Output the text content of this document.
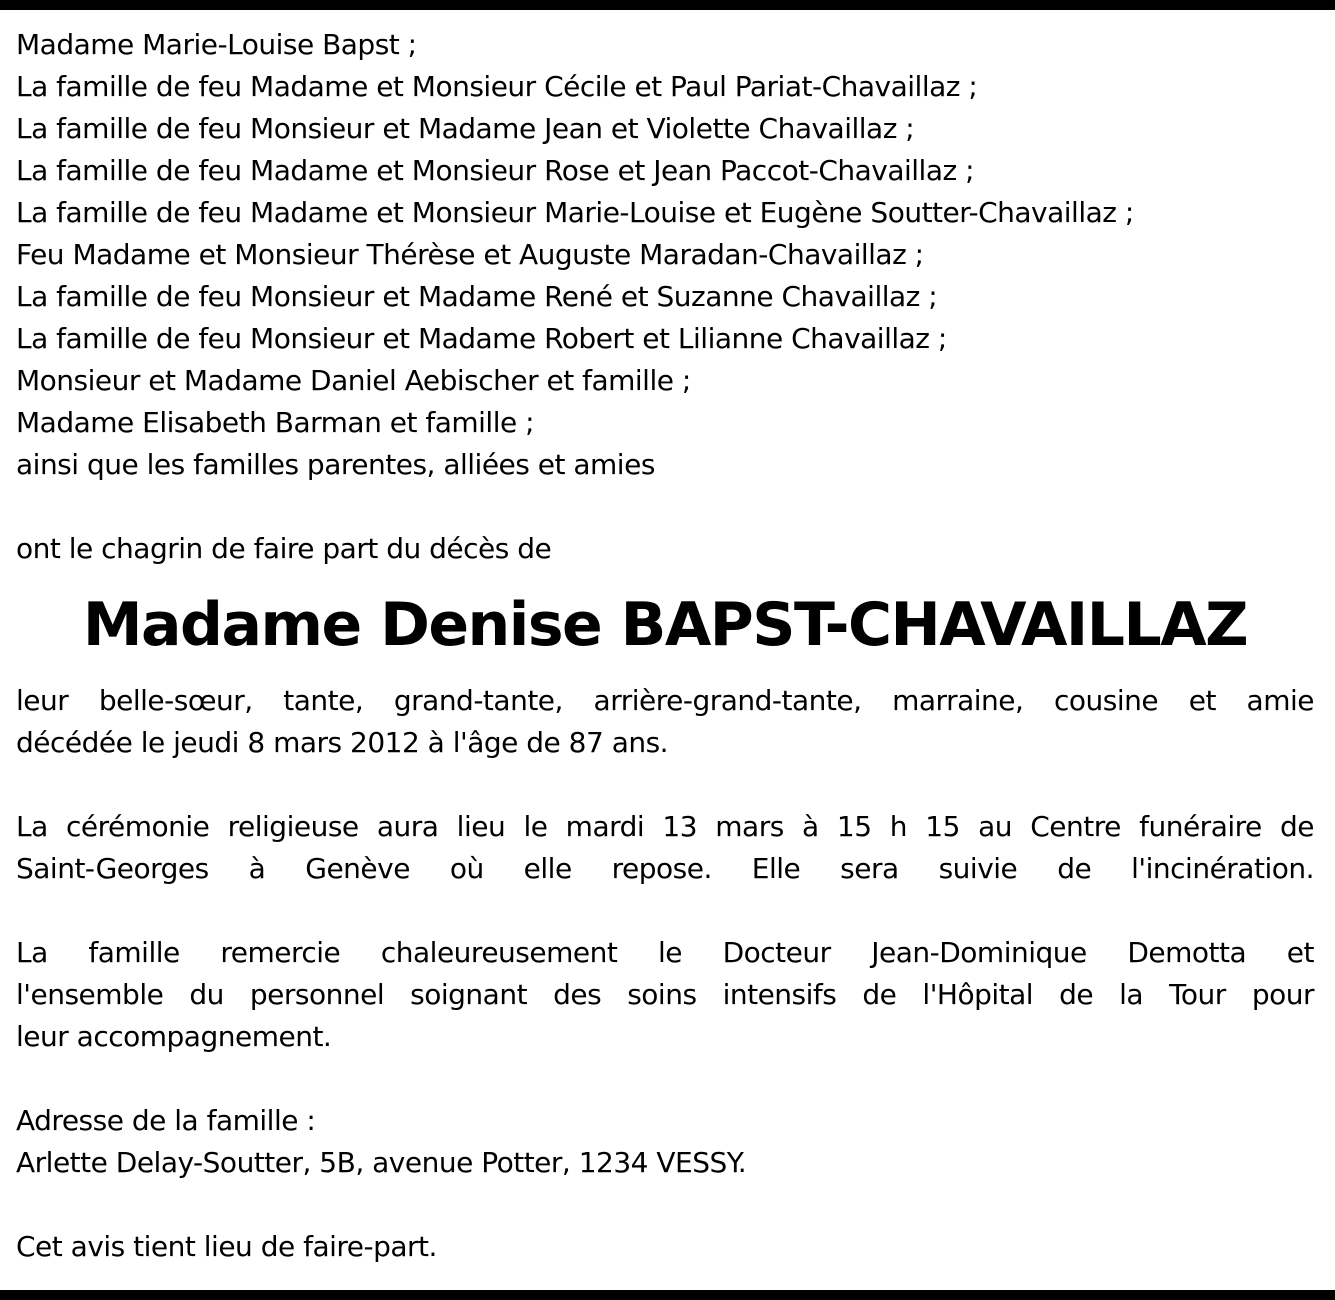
Madame Marie-Louise Bapst ;
La famille de feu Madame et Monsieur Cécile et Paul Pariat-Chavaillaz ;
La famille de feu Monsieur et Madame Jean et Violette Chavaillaz ;
La famille de feu Madame et Monsieur Rose et Jean Paccot-Chavaillaz ;
La famille de feu Madame et Monsieur Marie-Louise et Eugène Soutter-Chavaillaz ;
Feu Madame et Monsieur Thérèse et Auguste Maradan-Chavaillaz ;
La famille de feu Monsieur et Madame René et Suzanne Chavaillaz ;
La famille de feu Monsieur et Madame Robert et Lilianne Chavaillaz ;
Monsieur et Madame Daniel Aebischer et famille ;
Madame Elisabeth Barman et famille ;
ainsi que les familles parentes, alliées et amies
ont le chagrin de faire part du décès de
Madame Denise BAPST-CHAVAILLAZ
leur belle-sœur, tante, grand-tante, arrière-grand-tante, marraine, cousine et amie
décédée le jeudi 8 mars 2012 à l'âge de 87 ans.
La cérémonie religieuse aura lieu le mardi 13 mars à 15 h 15 au Centre funéraire de
Saint-Georges à Genève où elle repose. Elle sera suivie de l'incinération.
La famille remercie chaleureusement le Docteur Jean-Dominique Demotta et
l'ensemble du personnel soignant des soins intensifs de l'Hôpital de la Tour pour
leur accompagnement.
Adresse de la famille :
Arlette Delay-Soutter, 5B, avenue Potter, 1234 VESSY.
Cet avis tient lieu de faire-part.
